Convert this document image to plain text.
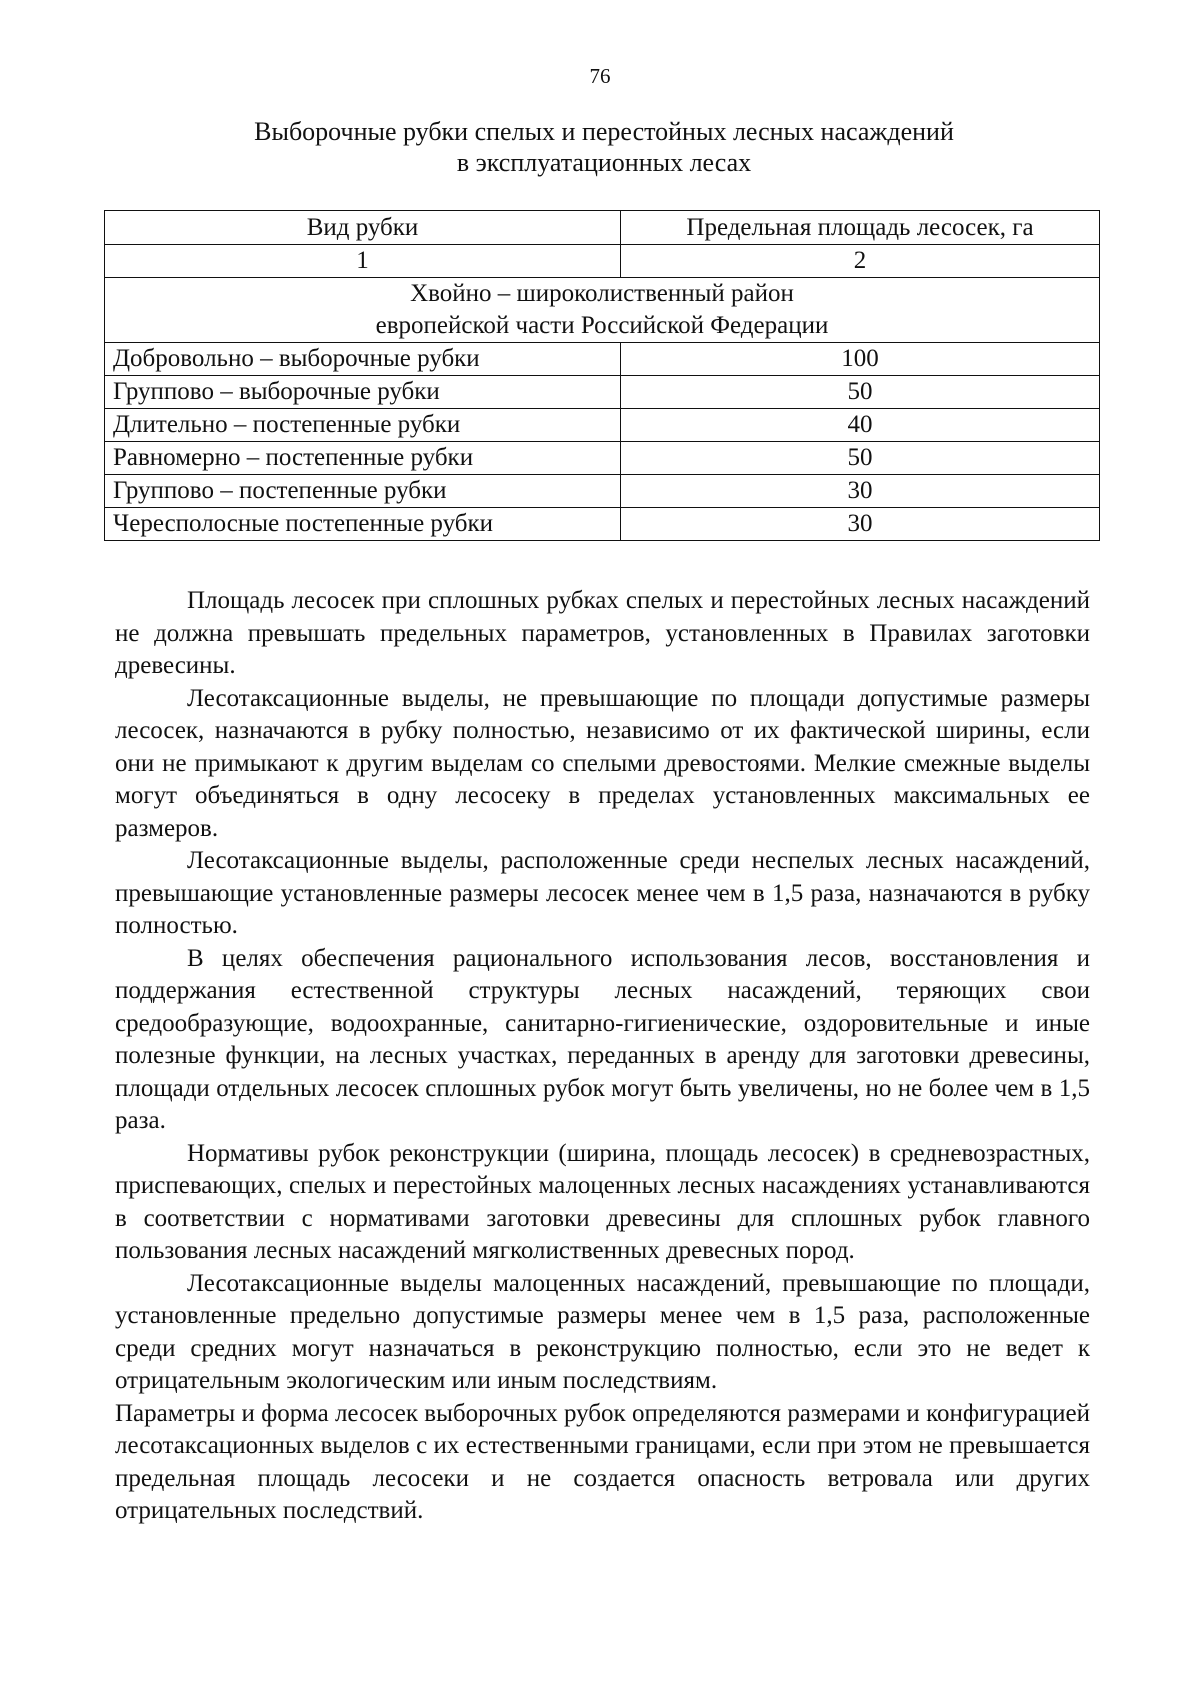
76
Выборочные рубки спелых и перестойных лесных насаждений
в эксплуатационных лесах
Вид рубки	Предельная площадь лесосек, га
1	2

Хвойно – широколиственный район
европейской части Российской Федерации	

Добровольно – выборочные рубки	100
Группово – выборочные рубки	50
Длительно – постепенные рубки	40
Равномерно – постепенные рубки	50
Группово – постепенные рубки	30
Чересполосные постепенные рубки	30

Площадь лесосек при сплошных рубках спелых и перестойных лесных насаждений не должна превышать предельных параметров, установленных в Правилах заготовки древесины.

Лесотаксационные выделы, не превышающие по площади допустимые размеры лесосек, назначаются в рубку полностью, независимо от их фактической ширины, если они не примыкают к другим выделам со спелыми древостоями. Мелкие смежные выделы могут объединяться в одну лесосеку в пределах установленных максимальных ее размеров.

Лесотаксационные выделы, расположенные среди неспелых лесных насаждений, превышающие установленные размеры лесосек менее чем в 1,5 раза, назначаются в рубку полностью.

В целях обеспечения рационального использования лесов, восстановления и поддержания естественной структуры лесных насаждений, теряющих свои средообразующие, водоохранные, санитарно-гигиенические, оздоровительные и иные полезные функции, на лесных участках, переданных в аренду для заготовки древесины, площади отдельных лесосек сплошных рубок могут быть увеличены, но не более чем в 1,5 раза.

Нормативы рубок реконструкции (ширина, площадь лесосек) в средневозрастных, приспевающих, спелых и перестойных малоценных лесных насаждениях устанавливаются в соответствии с нормативами заготовки древесины для сплошных рубок главного пользования лесных насаждений мягколиственных древесных пород.

Лесотаксационные выделы малоценных насаждений, превышающие по площади, установленные предельно допустимые размеры менее чем в 1,5 раза, расположенные среди средних могут назначаться в реконструкцию полностью, если это не ведет к отрицательным экологическим или иным последствиям.

Параметры и форма лесосек выборочных рубок определяются размерами и конфигурацией лесотаксационных выделов с их естественными границами, если при этом не превышается предельная площадь лесосеки и не создается опасность ветровала или других отрицательных последствий.
